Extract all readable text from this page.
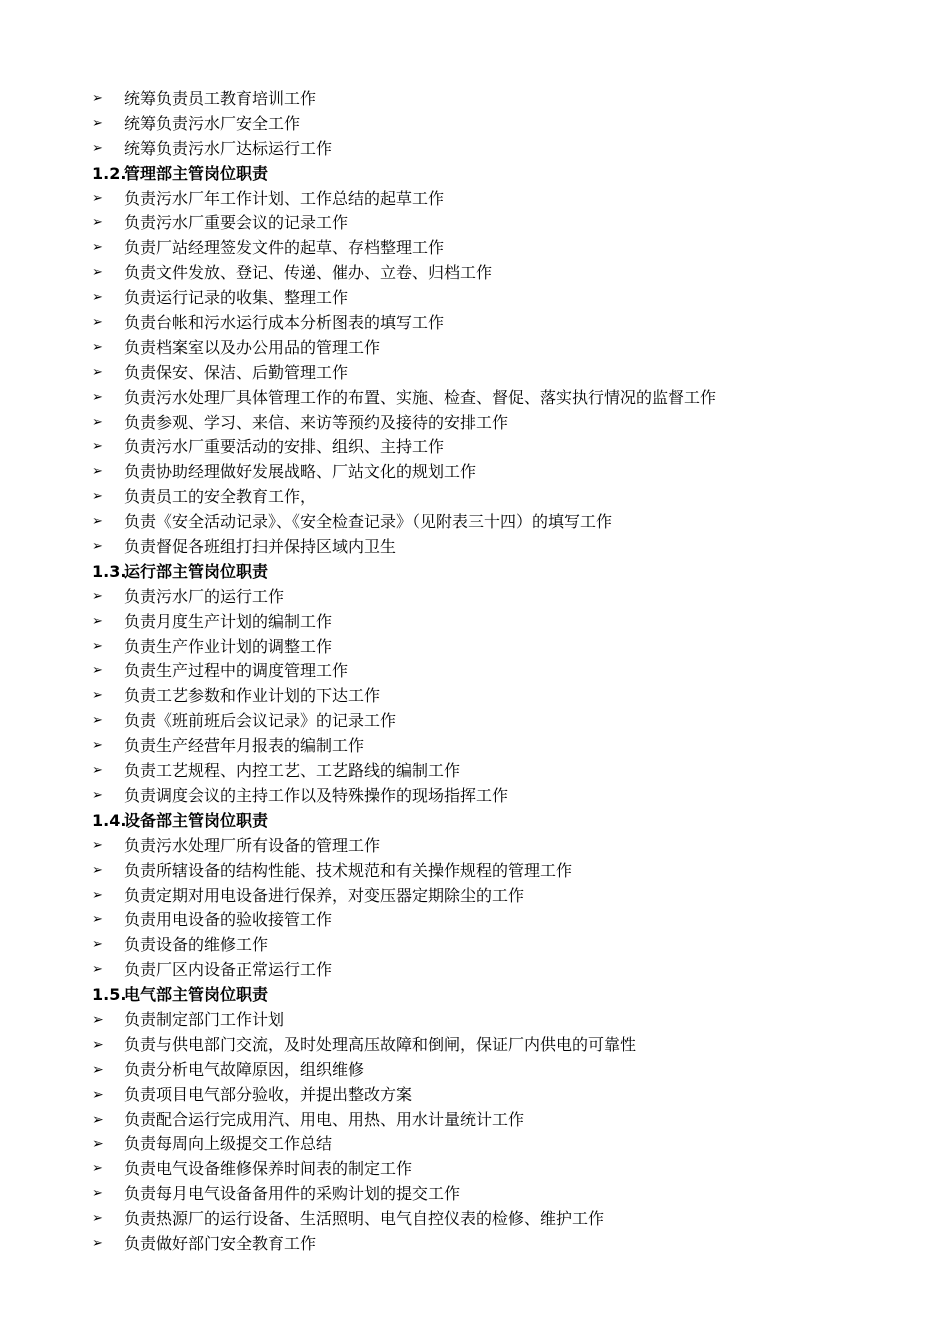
➢	统筹负责员工教育培训工作
➢	统筹负责污水厂安全工作
➢	统筹负责污水厂达标运行工作
1.2.
管理部主管岗位职责
➢	负责污水厂年工作计划、工作总结的起草工作
➢	负责污水厂重要会议的记录工作
➢	负责厂站经理签发文件的起草、存档整理工作
➢	负责文件发放、登记、传递、催办、立卷、归档工作
➢	负责运行记录的收集、整理工作
➢	负责台帐和污水运行成本分析图表的填写工作
➢	负责档案室以及办公用品的管理工作
➢	负责保安、保洁、后勤管理工作
➢	负责污水处理厂具体管理工作的布置、实施、检查、督促、落实执行情况的监督工作
➢	负责参观、学习、来信、来访等预约及接待的安排工作
➢	负责污水厂重要活动的安排、组织、主持工作
➢	负责协助经理做好发展战略、厂站文化的规划工作
➢	负责员工的安全教育工作，
➢	负责《安全活动记录》、《安全检查记录》（见附表三十四）的填写工作
➢	负责督促各班组打扫并保持区域内卫生
1.3.
运行部主管岗位职责
➢	负责污水厂的运行工作
➢	负责月度生产计划的编制工作
➢	负责生产作业计划的调整工作
➢	负责生产过程中的调度管理工作
➢	负责工艺参数和作业计划的下达工作
➢	负责《班前班后会议记录》的记录工作
➢	负责生产经营年月报表的编制工作
➢	负责工艺规程、内控工艺、工艺路线的编制工作
➢	负责调度会议的主持工作以及特殊操作的现场指挥工作
1.4.
设备部主管岗位职责
➢	负责污水处理厂所有设备的管理工作
➢	负责所辖设备的结构性能、技术规范和有关操作规程的管理工作
➢	负责定期对用电设备进行保养，对变压器定期除尘的工作
➢	负责用电设备的验收接管工作
➢	负责设备的维修工作
➢	负责厂区内设备正常运行工作
1.5.
电气部主管岗位职责
➢	负责制定部门工作计划
➢	负责与供电部门交流，及时处理高压故障和倒闸，保证厂内供电的可靠性
➢	负责分析电气故障原因，组织维修
➢	负责项目电气部分验收，并提出整改方案
➢	负责配合运行完成用汽、用电、用热、用水计量统计工作
➢	负责每周向上级提交工作总结
➢	负责电气设备维修保养时间表的制定工作
➢	负责每月电气设备备用件的采购计划的提交工作
➢	负责热源厂的运行设备、生活照明、电气自控仪表的检修、维护工作
➢	负责做好部门安全教育工作
